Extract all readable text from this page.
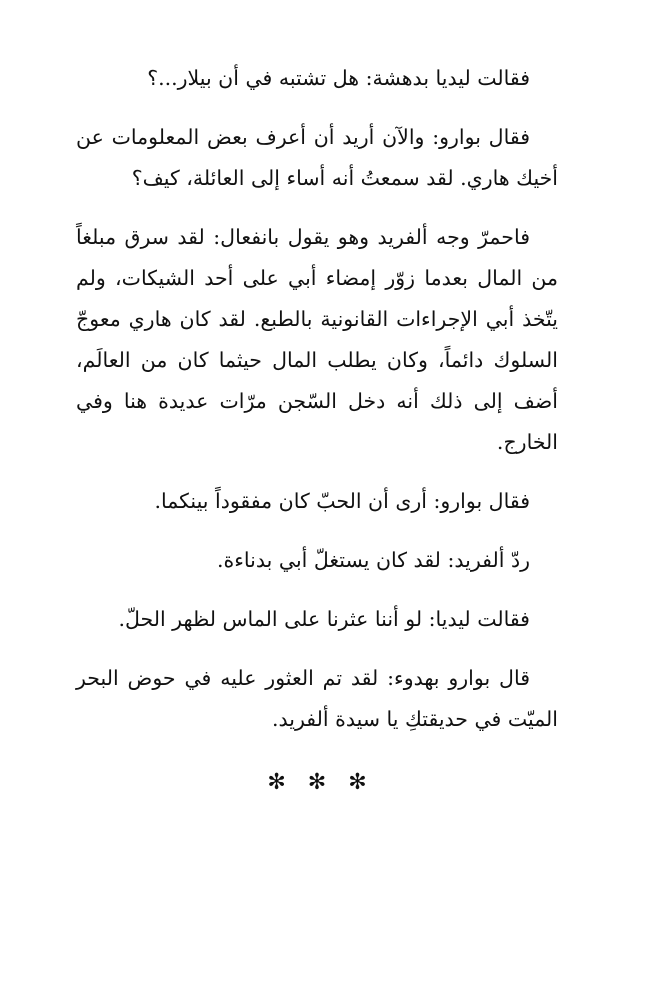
فقالت ليديا بدهشة: هل تشتبه في أن بيلار...؟

فقال بوارو: والآن أريد أن أعرف بعض المعلومات عن أخيك هاري. لقد سمعتُ أنه أساء إلى العائلة، كيف؟

فاحمرّ وجه ألفريد وهو يقول بانفعال: لقد سرق مبلغاً من المال بعدما زوّر إمضاء أبي على أحد الشيكات، ولم يتّخذ أبي الإجراءات القانونية بالطبع. لقد كان هاري معوجّ السلوك دائماً، وكان يطلب المال حيثما كان من العالَم، أضف إلى ذلك أنه دخل السّجن مرّات عديدة هنا وفي الخارج.

فقال بوارو: أرى أن الحبّ كان مفقوداً بينكما.

ردّ ألفريد: لقد كان يستغلّ أبي بدناءة.

فقالت ليديا: لو أننا عثرنا على الماس لظهر الحلّ.

قال بوارو بهدوء: لقد تم العثور عليه في حوض البحر الميّت في حديقتكِ يا سيدة ألفريد.

✻✻✻
